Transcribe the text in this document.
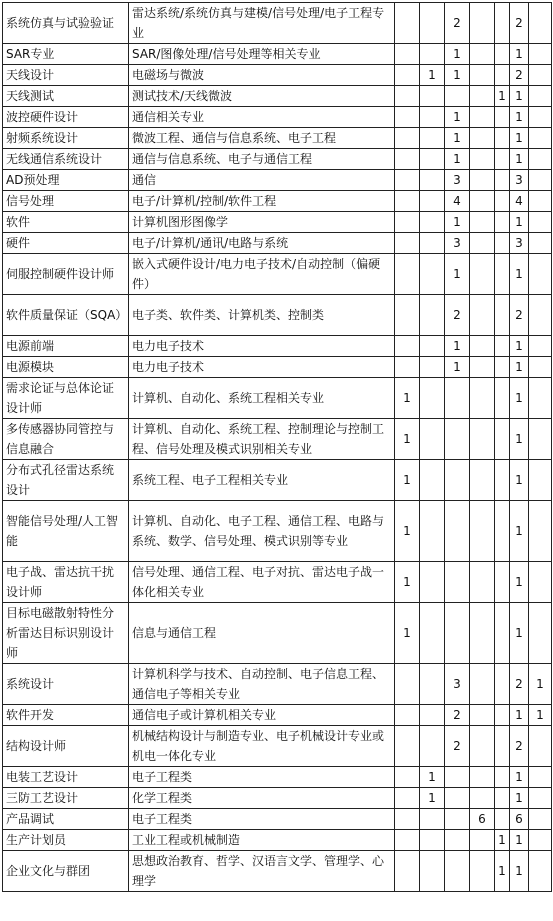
系统仿真与试验验证	雷达系统/系统仿真与建模/信号处理/电子工程专业			2			2	
SAR专业	SAR/图像处理/信号处理等相关专业			1			1	
天线设计	电磁场与微波		1	1			2	
天线测试	测试技术/天线微波					1	1	
波控硬件设计	通信相关专业			1			1	
射频系统设计	微波工程、通信与信息系统、电子工程			1			1	
无线通信系统设计	通信与信息系统、电子与通信工程			1			1	
AD预处理	通信			3			3	
信号处理	电子/计算机/控制/软件工程			4			4	
软件	计算机图形图像学			1			1	
硬件	电子/计算机/通讯/电路与系统			3			3	
伺服控制硬件设计师	嵌入式硬件设计/电力电子技术/自动控制（偏硬件）			1			1	
软件质量保证（SQA）	电子类、软件类、计算机类、控制类			2			2	
电源前端	电力电子技术			1			1	
电源模块	电力电子技术			1			1	
需求论证与总体论证设计师	计算机、自动化、系统工程相关专业	1					1	
多传感器协同管控与信息融合	计算机、自动化、系统工程、控制理论与控制工程、信号处理及模式识别相关专业	1					1	
分布式孔径雷达系统设计	系统工程、电子工程相关专业	1					1	
智能信号处理/人工智能	计算机、自动化、电子工程、通信工程、电路与系统、数学、信号处理、模式识别等专业	1					1	
电子战、雷达抗干扰设计师	信号处理、通信工程、电子对抗、雷达电子战一体化相关专业	1					1	
目标电磁散射特性分析雷达目标识别设计师	信息与通信工程	1					1	
系统设计	计算机科学与技术、自动控制、电子信息工程、通信电子等相关专业			3			2	1
软件开发	通信电子或计算机相关专业			2			1	1
结构设计师	机械结构设计与制造专业、电子机械设计专业或机电一体化专业			2			2	
电装工艺设计	电子工程类		1				1	
三防工艺设计	化学工程类		1				1	
产品调试	电子工程类				6		6	
生产计划员	工业工程或机械制造					1	1	
企业文化与群团	思想政治教育、哲学、汉语言文学、管理学、心理学					1	1	
